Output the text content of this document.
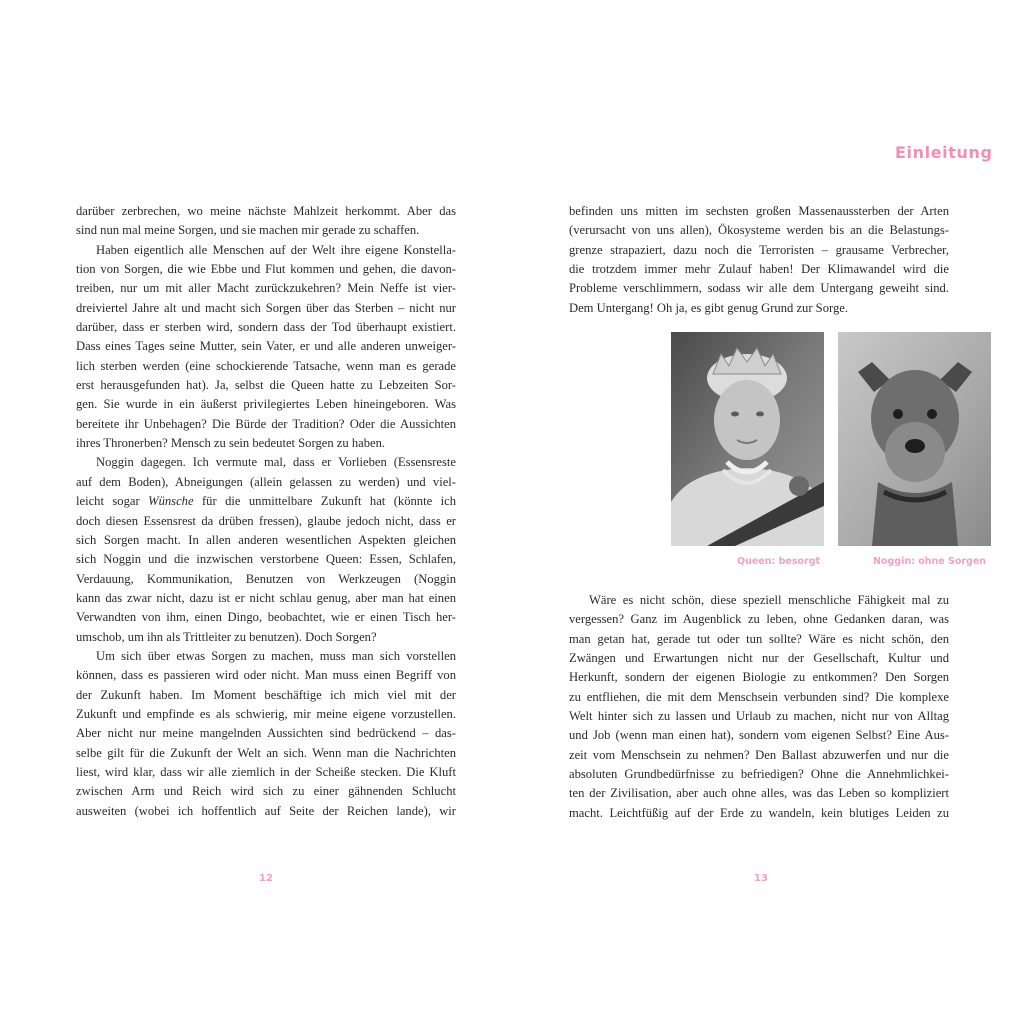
darüber zerbrechen, wo meine nächste Mahlzeit herkommt. Aber das
sind nun mal meine Sorgen, und sie machen mir gerade zu schaffen.
Haben eigentlich alle Menschen auf der Welt ihre eigene Konstella-
tion von Sorgen, die wie Ebbe und Flut kommen und gehen, die davon-
treiben, nur um mit aller Macht zurückzukehren? Mein Neffe ist vier-
dreiviertel Jahre alt und macht sich Sorgen über das Sterben – nicht nur
darüber, dass er sterben wird, sondern dass der Tod überhaupt existiert.
Dass eines Tages seine Mutter, sein Vater, er und alle anderen unweiger-
lich sterben werden (eine schockierende Tatsache, wenn man es gerade
erst herausgefunden hat). Ja, selbst die Queen hatte zu Lebzeiten Sor-
gen. Sie wurde in ein äußerst privilegiertes Leben hineingeboren. Was
bereitete ihr Unbehagen? Die Bürde der Tradition? Oder die Aussichten
ihres Thronerben? Mensch zu sein bedeutet Sorgen zu haben.
Noggin dagegen. Ich vermute mal, dass er Vorlieben (Essensreste
auf dem Boden), Abneigungen (allein gelassen zu werden) und viel-
leicht sogar Wünsche für die unmittelbare Zukunft hat (könnte ich
doch diesen Essensrest da drüben fressen), glaube jedoch nicht, dass er
sich Sorgen macht. In allen anderen wesentlichen Aspekten gleichen
sich Noggin und die inzwischen verstorbene Queen: Essen, Schlafen,
Verdauung, Kommunikation, Benutzen von Werkzeugen (Noggin
kann das zwar nicht, dazu ist er nicht schlau genug, aber man hat einen
Verwandten von ihm, einen Dingo, beobachtet, wie er einen Tisch her-
umschob, um ihn als Trittleiter zu benutzen). Doch Sorgen?
Um sich über etwas Sorgen zu machen, muss man sich vorstellen
können, dass es passieren wird oder nicht. Man muss einen Begriff von
der Zukunft haben. Im Moment beschäftige ich mich viel mit der
Zukunft und empfinde es als schwierig, mir meine eigene vorzustellen.
Aber nicht nur meine mangelnden Aussichten sind bedrückend – das-
selbe gilt für die Zukunft der Welt an sich. Wenn man die Nachrichten
liest, wird klar, dass wir alle ziemlich in der Scheiße stecken. Die Kluft
zwischen Arm und Reich wird sich zu einer gähnenden Schlucht
ausweiten (wobei ich hoffentlich auf Seite der Reichen lande), wir
12
Einleitung
befinden uns mitten im sechsten großen Massenaussterben der Arten
(verursacht von uns allen), Ökosysteme werden bis an die Belastungs-
grenze strapaziert, dazu noch die Terroristen – grausame Verbrecher,
die trotzdem immer mehr Zulauf haben! Der Klimawandel wird die
Probleme verschlimmern, sodass wir alle dem Untergang geweiht sind.
Dem Untergang! Oh ja, es gibt genug Grund zur Sorge.
Queen: besorgt	Noggin: ohne Sorgen
Wäre es nicht schön, diese speziell menschliche Fähigkeit mal zu
vergessen? Ganz im Augenblick zu leben, ohne Gedanken daran, was
man getan hat, gerade tut oder tun sollte? Wäre es nicht schön, den
Zwängen und Erwartungen nicht nur der Gesellschaft, Kultur und
Herkunft, sondern der eigenen Biologie zu entkommen? Den Sorgen
zu entfliehen, die mit dem Menschsein verbunden sind? Die komplexe
Welt hinter sich zu lassen und Urlaub zu machen, nicht nur von Alltag
und Job (wenn man einen hat), sondern vom eigenen Selbst? Eine Aus-
zeit vom Menschsein zu nehmen? Den Ballast abzuwerfen und nur die
absoluten Grundbedürfnisse zu befriedigen? Ohne die Annehmlichkei-
ten der Zivilisation, aber auch ohne alles, was das Leben so kompliziert
macht. Leichtfüßig auf der Erde zu wandeln, kein blutiges Leiden zu
13
